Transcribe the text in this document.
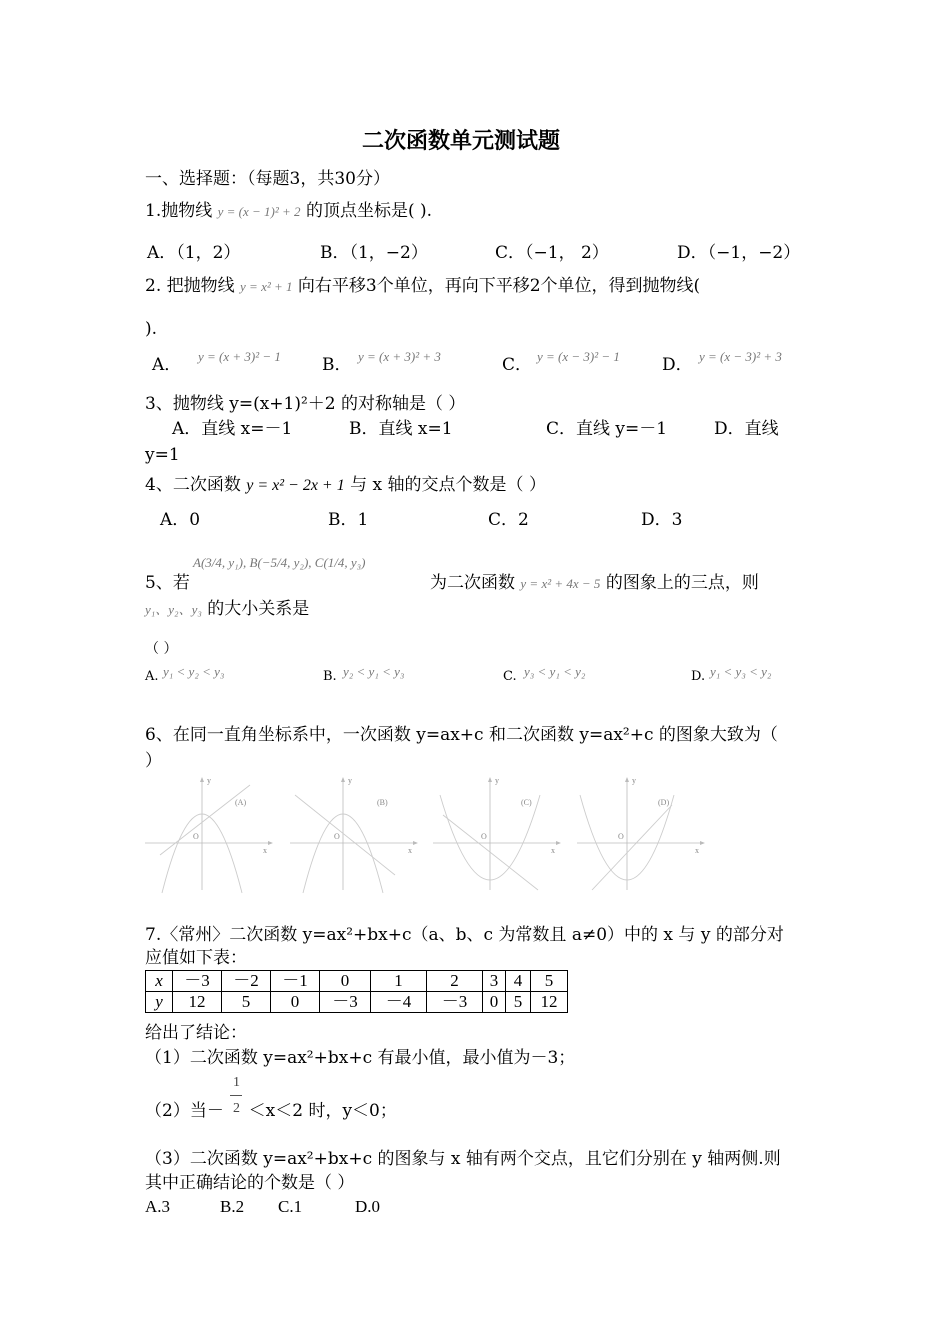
二次函数单元测试题
一、选择题：（每题3，共30分）
1.抛物线 y = (x − 1)² + 2 的顶点坐标是( ).
A．（1，2）	B．（1，−2）	C．（−1， 2）	D．（−1，−2）
2. 把抛物线 y = x² + 1 向右平移3个单位，再向下平移2个单位，得到抛物线(
).
A． y = (x + 3)² − 1 B． y = (x + 3)² + 3	C． y = (x − 3)² − 1 D． y = (x − 3)² + 3
3、抛物线 y=(x+1)²＋2 的对称轴是（ ）
A．直线 x=－1	B．直线 x=1	C．直线 y=－1	D．直线
y=1
4、二次函数 y = x² − 2x + 1 与 x 轴的交点个数是（ ）
A．0	B．1	C．2	D．3
A(3/4, y₁), B(−5/4, y₂), C(1/4, y₃)
5、若	为二次函数 y = x² + 4x − 5 的图象上的三点，则
y₁、y₂、y₃ 的大小关系是
（ ）
A. y₁ < y₂ < y₃	B. y₂ < y₁ < y₃	C. y₃ < y₁ < y₂	D. y₁ < y₃ < y₂
6、在同一直角坐标系中，一次函数 y=ax+c 和二次函数 y=ax²+c 的图象大致为（
）
(A)
y
x
O
(B)
y
x
O
(C)
y
x
O
(D)
y
x
O
7.〈常州〉二次函数 y=ax²+bx+c（a、b、c 为常数且 a≠0）中的 x 与 y 的部分对
应值如下表：
x	－3	－2	－1	0	1	2	3	4	5
y	12	5	0	－3	－4	－3	0	5	12
给出了结论：
（1）二次函数 y=ax²+bx+c 有最小值，最小值为－3；
（2）当－ ＜x＜2 时，y＜0；
1
2
（3）二次函数 y=ax²+bx+c 的图象与 x 轴有两个交点，且它们分别在 y 轴两侧.则
其中正确结论的个数是（ ）
A.3	B.2 C.1	D.0
